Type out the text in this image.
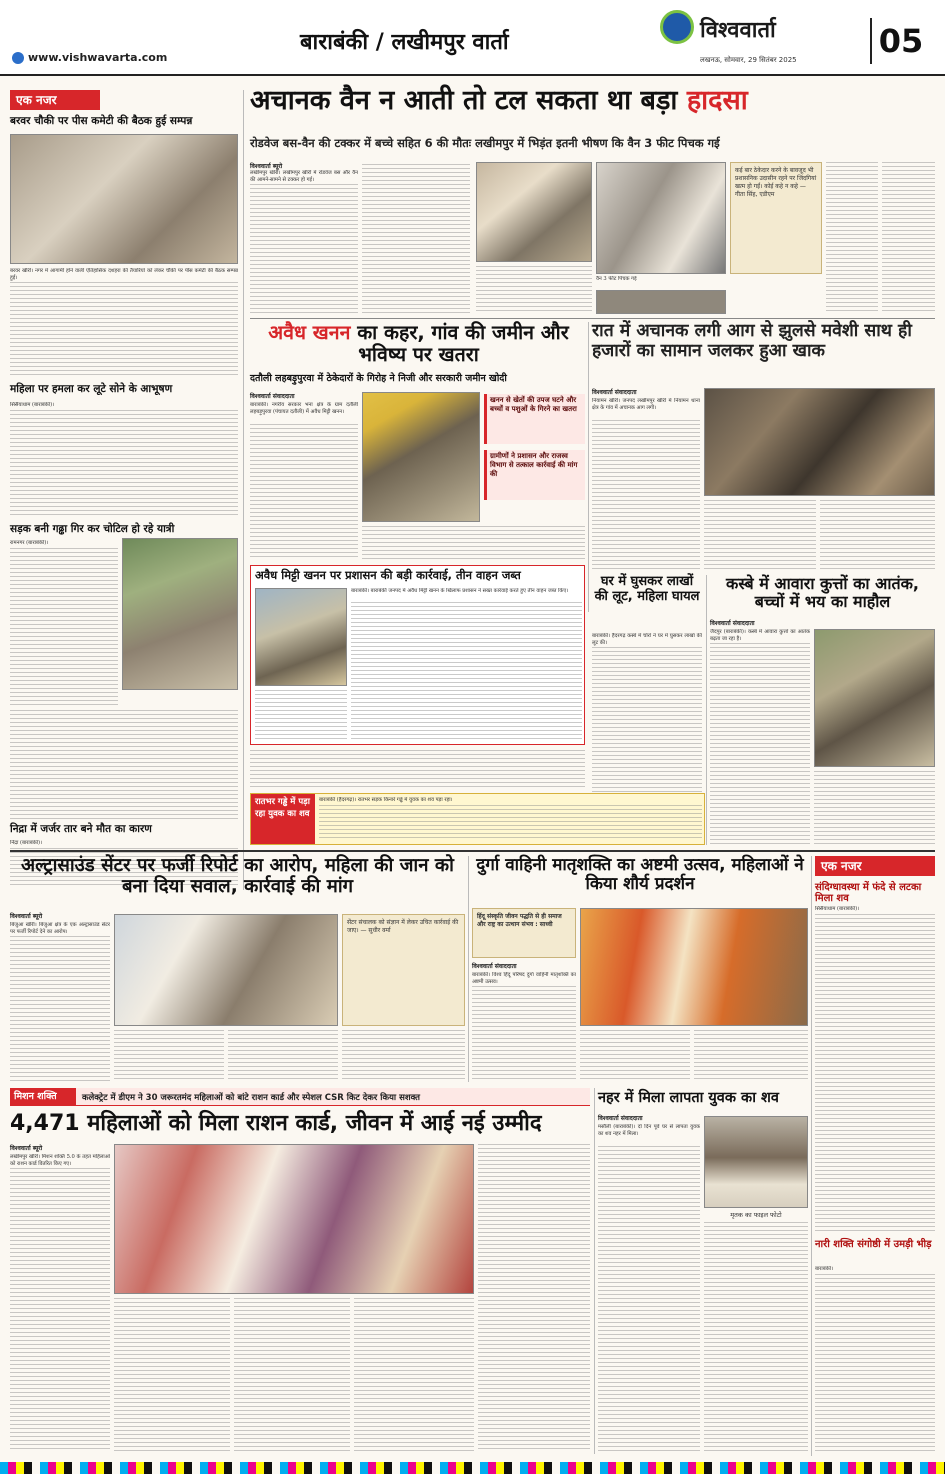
www.vishwavarta.com
बाराबंकी / लखीमपुर वार्ता	विश्ववार्ता
लखनऊ, सोमवार, 29 सितंबर 2025	05
एक नजर
बरवर चौकी पर पीस कमेटी की बैठक हुई सम्पन्न
बरवर खीरी। नगर में आगामी होने वाली ऐतिहासिक दशहरा की तैयारियों को लेकर चौकी पर पीस कमेटी की बैठक सम्पन्न हुई।
महिला पर हमला कर लूटे सोने के आभूषण
सिसैयाधाम (बाराबंकी)।
सड़क बनी गढ्ढा गिर कर चोटिल हो रहे यात्री
रामनगर (बाराबंकी)।
निद्रा में जर्जर तार बने मौत का कारण
निंद्रा (बाराबंकी)।
अचानक वैन न आती तो टल सकता था बड़ा हादसा
रोडवेज बस-वैन की टक्कर में बच्चे सहित 6 की मौतः लखीमपुर में भिड़ंत इतनी भीषण कि वैन 3 फीट पिचक गई
विश्ववार्ता ब्यूरो
लखीमपुर खीरी। लखीमपुर खीरी में रोडवेज बस और वैन की आमने-सामने से टक्कर हो गई।
वैन 3 फीट पिचक गई
कई बार ठेकेदार करने के बावजूद भी प्रशासनिक उदासीन रहने पर जिंदगियां खत्म हो गईं। कोई कहे न कहे — गीता सिंह, एडीएम
अवैध खनन का कहर, गांव की जमीन और भविष्य पर खतरा
दतौली लहबड़ुपुरवा में ठेकेदारों के गिरोह ने निजी और सरकारी जमीन खोदी
विश्ववार्ता संवाददाता
बाराबंकी। नगरीय सरकार भना क्षेत्र के ग्राम दतौली लहबड़ुपुरवा (पंचायत दतौली) में अवैध मिट्टी खनन।
खनन से खेतों की उपज घटने और बच्चों व पशुओं के गिरने का खतरा
ग्रामीणों ने प्रशासन और राजस्व विभाग से तत्काल कार्रवाई की मांग की
रात में अचानक लगी आग से झुलसे मवेशी साथ ही हजारों का सामान जलकर हुआ खाक
विश्ववार्ता संवाददाता
नियामन खीरी। जनपद लखीमपुर खीरी में नियामन थाना क्षेत्र के गांव में अचानक आग लगी।
अवैध मिट्टी खनन पर प्रशासन की बड़ी कार्रवाई, तीन वाहन जब्त
बाराबंकी। बाराबंकी जनपद में अवैध मिट्टी खनन के खिलाफ प्रशासन ने सख्त कार्रवाई करते हुए तीन वाहन जब्त किए।
घर में घुसकर लाखों की लूट, महिला घायल
बाराबंकी। हैदरगढ़ कस्बे में चोरों ने घर में घुसकर लाखों की लूट की।
कस्बे में आवारा कुत्तों का आतंक, बच्चों में भय का माहौल
विश्ववार्ता संवाददाता
जैदपुर (बाराबंकी)। कस्बे में आवारा कुत्तों का आतंक बढ़ता जा रहा है।
रातभर गड्ढे में पड़ा रहा युवक का शव
बाराबंकी (हैदरगढ़)। रातभर सड़क किनारे गड्ढे में युवक का शव पड़ा रहा।
अल्ट्रासाउंड सेंटर पर फर्जी रिपोर्ट का आरोप, महिला की जान को बना दिया सवाल, कार्रवाई की मांग
विश्ववार्ता ब्यूरो
बिजुआ खीरी। बिजुआ क्षेत्र के एक अल्ट्रासाउंड सेंटर पर फर्जी रिपोर्ट देने का आरोप।
सेंटर संचालक को संज्ञान में लेकर उचित कार्रवाई की जाए। — सुधीर वर्मा
दुर्गा वाहिनी मातृशक्ति का अष्टमी उत्सव, महिलाओं ने किया शौर्य प्रदर्शन
हिंदू संस्कृति जीवन पद्धति से ही समाज और राष्ट्र का उत्थान संभव : साध्वी
विश्ववार्ता संवाददाता
बाराबंकी। विश्व हिंदू परिषद दुर्गा वाहिनी मातृशक्ति का अष्टमी उत्सव।
एक नजर
संदिग्धावस्था में फंदे से लटका मिला शव
सिसैयाधाम (बाराबंकी)।
नारी शक्ति संगोष्ठी में उमड़ी भीड़
बाराबंकी।
मिशन शक्ति	कलेक्ट्रेट में डीएम ने 30 जरूरतमंद महिलाओं को बांटे राशन कार्ड और स्पेशल CSR किट देकर किया सशक्त
4,471 महिलाओं को मिला राशन कार्ड, जीवन में आई नई उम्मीद
विश्ववार्ता ब्यूरो
लखीमपुर खीरी। मिशन शक्ति 5.0 के तहत महिलाओं को राशन कार्ड वितरित किए गए।
नहर में मिला लापता युवक का शव
विश्ववार्ता संवाददाता
मसौली (बाराबंकी)। दो दिन पूर्व घर से लापता युवक का शव नहर में मिला।
मृतक का फाइल फोटो
